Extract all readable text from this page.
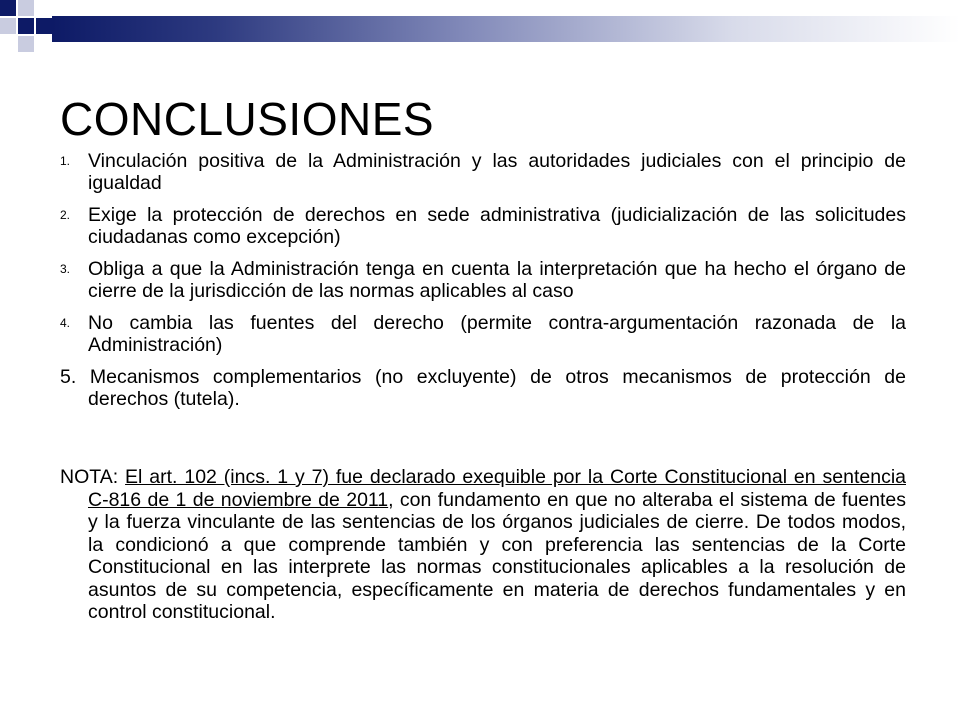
CONCLUSIONES
1. Vinculación positiva de la Administración y las autoridades judiciales con el principio de igualdad
2. Exige la protección de derechos en sede administrativa (judicialización de las solicitudes ciudadanas como excepción)
3. Obliga a que la Administración tenga en cuenta la interpretación que ha hecho el órgano de cierre de la jurisdicción de las normas aplicables al caso
4. No cambia las fuentes del derecho (permite contra-argumentación razonada de la Administración)
5. Mecanismos complementarios (no excluyente) de otros mecanismos de protección de derechos (tutela).
NOTA: El art. 102 (incs. 1 y 7) fue declarado exequible por la Corte Constitucional en sentencia C-816 de 1 de noviembre de 2011, con fundamento en que no alteraba el sistema de fuentes y la fuerza vinculante de las sentencias de los órganos judiciales de cierre. De todos modos, la condicionó a que comprende también y con preferencia las sentencias de la Corte Constitucional en las interprete las normas constitucionales aplicables a la resolución de asuntos de su competencia, específicamente en materia de derechos fundamentales y en control constitucional.
